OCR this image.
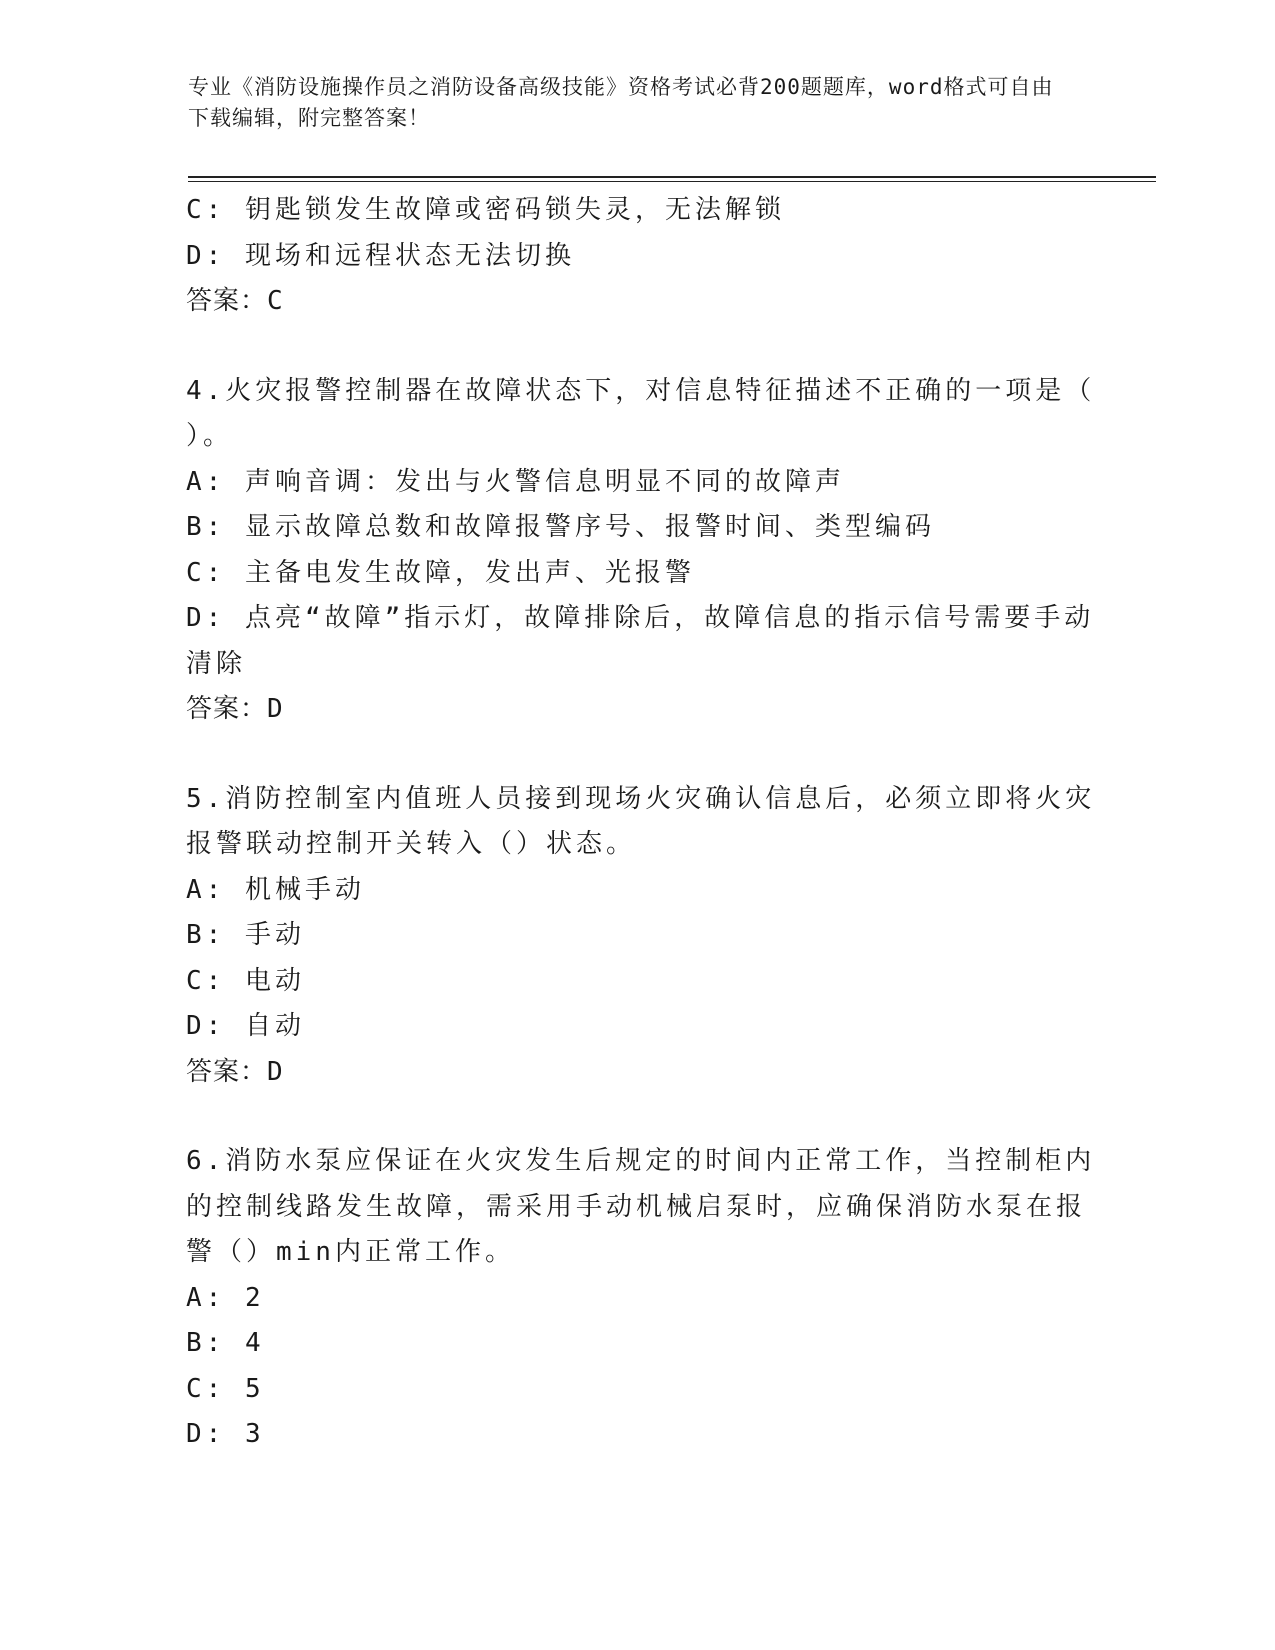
专业《消防设施操作员之消防设备高级技能》资格考试必背200题题库，word格式可自由下载编辑，附完整答案！
C: 钥匙锁发生故障或密码锁失灵，无法解锁
D: 现场和远程状态无法切换
答案：C
4.火灾报警控制器在故障状态下，对信息特征描述不正确的一项是（
）。
A: 声响音调：发出与火警信息明显不同的故障声
B: 显示故障总数和故障报警序号、报警时间、类型编码
C: 主备电发生故障，发出声、光报警
D: 点亮“故障”指示灯，故障排除后，故障信息的指示信号需要手动
清除
答案：D
5.消防控制室内值班人员接到现场火灾确认信息后，必须立即将火灾
报警联动控制开关转入（）状态。
A: 机械手动
B: 手动
C: 电动
D: 自动
答案：D
6.消防水泵应保证在火灾发生后规定的时间内正常工作，当控制柜内
的控制线路发生故障，需采用手动机械启泵时，应确保消防水泵在报
警（）min内正常工作。
A: 2
B: 4
C: 5
D: 3
